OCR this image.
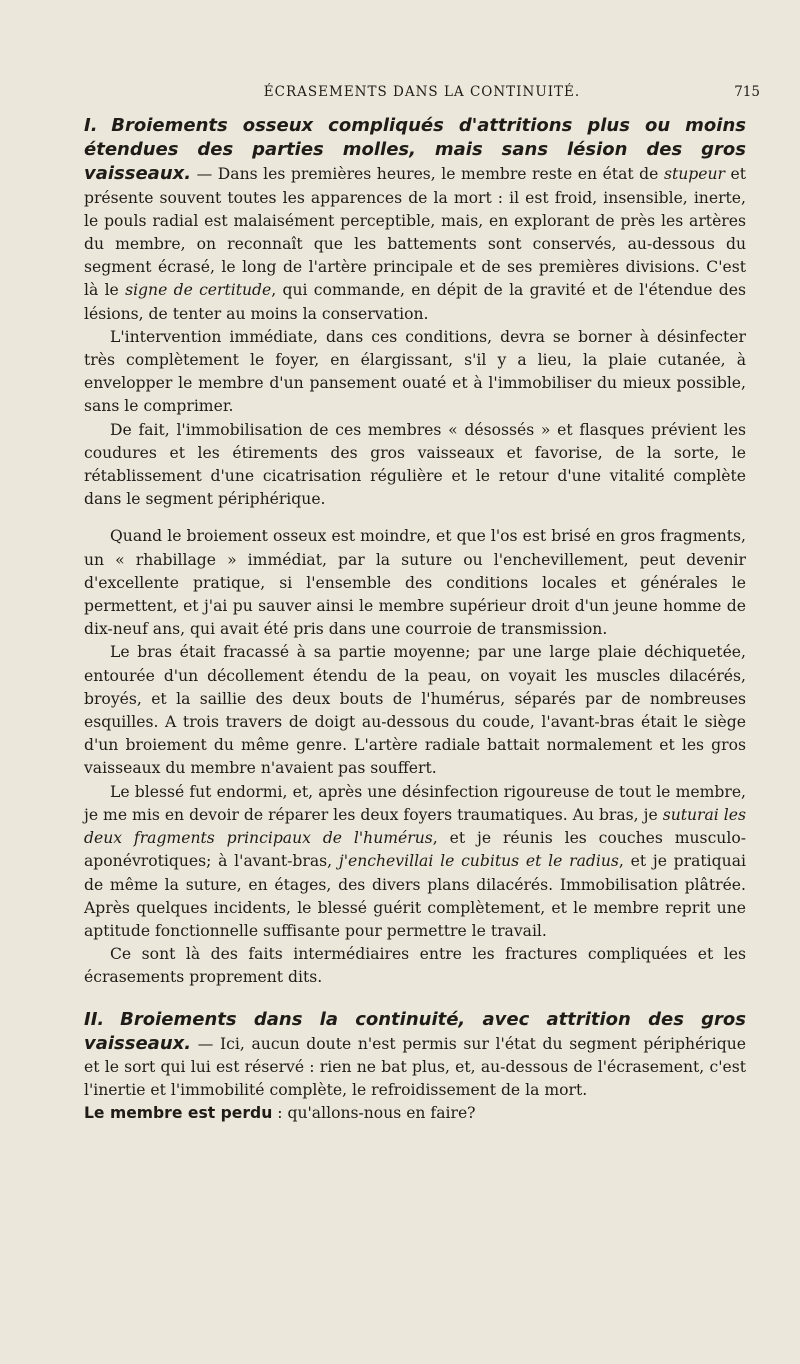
ÉCRASEMENTS DANS LA CONTINUITÉ.	715

I. Broiements osseux compliqués d'attritions plus ou moins étendues des parties molles, mais sans lésion des gros vaisseaux. — Dans les premières heures, le membre reste en état de stupeur et présente souvent toutes les apparences de la mort : il est froid, insensible, inerte, le pouls radial est malaisément perceptible, mais, en explorant de près les artères du membre, on reconnaît que les battements sont conservés, au-dessous du segment écrasé, le long de l'artère principale et de ses premières divisions. C'est là le signe de certitude, qui commande, en dépit de la gravité et de l'étendue des lésions, de tenter au moins la conservation.

L'intervention immédiate, dans ces conditions, devra se borner à désinfecter très complètement le foyer, en élargissant, s'il y a lieu, la plaie cutanée, à envelopper le membre d'un pansement ouaté et à l'immobiliser du mieux possible, sans le comprimer.

De fait, l'immobilisation de ces membres « désossés » et flasques prévient les coudures et les étirements des gros vaisseaux et favorise, de la sorte, le rétablissement d'une cicatrisation régulière et le retour d'une vitalité complète dans le segment périphérique.

Quand le broiement osseux est moindre, et que l'os est brisé en gros fragments, un « rhabillage » immédiat, par la suture ou l'enchevillement, peut devenir d'excellente pratique, si l'ensemble des conditions locales et générales le permettent, et j'ai pu sauver ainsi le membre supérieur droit d'un jeune homme de dix-neuf ans, qui avait été pris dans une courroie de transmission.

Le bras était fracassé à sa partie moyenne; par une large plaie déchiquetée, entourée d'un décollement étendu de la peau, on voyait les muscles dilacérés, broyés, et la saillie des deux bouts de l'humérus, séparés par de nombreuses esquilles. A trois travers de doigt au-dessous du coude, l'avant-bras était le siège d'un broiement du même genre. L'artère radiale battait normalement et les gros vaisseaux du membre n'avaient pas souffert.

Le blessé fut endormi, et, après une désinfection rigoureuse de tout le membre, je me mis en devoir de réparer les deux foyers traumatiques. Au bras, je suturai les deux fragments principaux de l'humérus, et je réunis les couches musculo-aponévrotiques; à l'avant-bras, j'enchevillai le cubitus et le radius, et je pratiquai de même la suture, en étages, des divers plans dilacérés. Immobilisation plâtrée. Après quelques incidents, le blessé guérit complètement, et le membre reprit une aptitude fonctionnelle suffisante pour permettre le travail.

Ce sont là des faits intermédiaires entre les fractures compliquées et les écrasements proprement dits.

II. Broiements dans la continuité, avec attrition des gros vaisseaux. — Ici, aucun doute n'est permis sur l'état du segment périphérique et le sort qui lui est réservé : rien ne bat plus, et, au-dessous de l'écrasement, c'est l'inertie et l'immobilité complète, le refroidissement de la mort.
Le membre est perdu : qu'allons-nous en faire?
